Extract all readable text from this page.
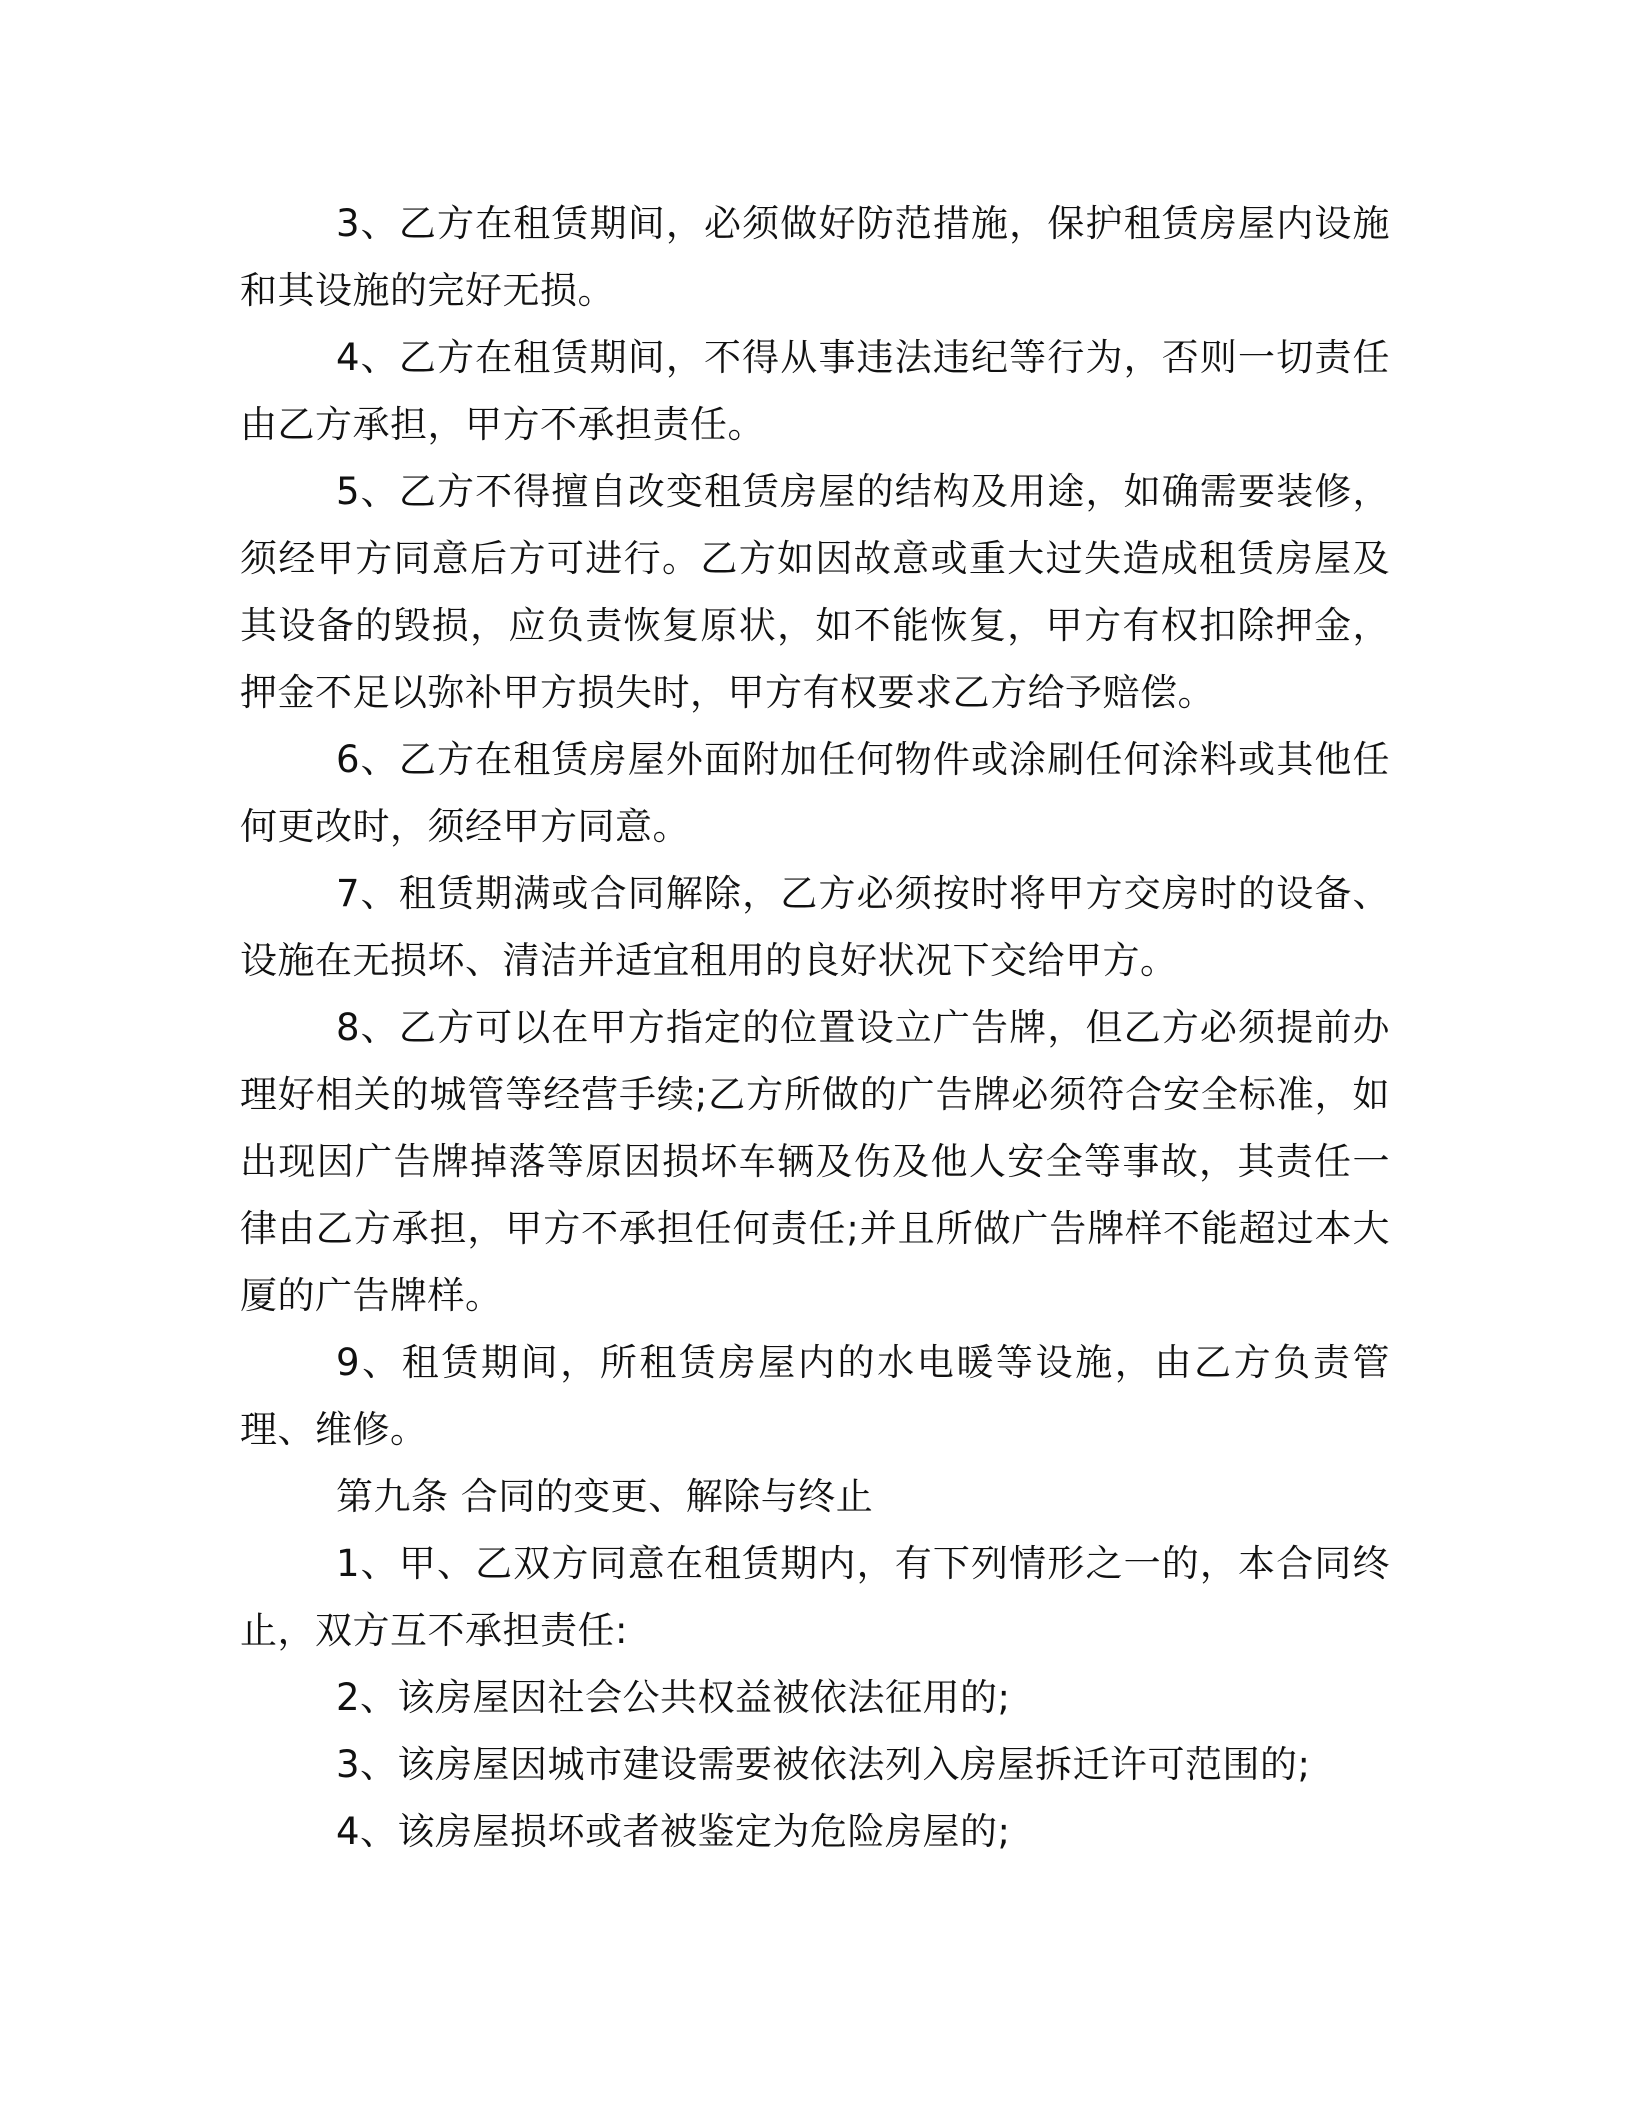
3、乙方在租赁期间，必须做好防范措施，保护租赁房屋内设施和其设施的完好无损。

4、乙方在租赁期间，不得从事违法违纪等行为，否则一切责任由乙方承担，甲方不承担责任。

5、乙方不得擅自改变租赁房屋的结构及用途，如确需要装修，须经甲方同意后方可进行。乙方如因故意或重大过失造成租赁房屋及其设备的毁损，应负责恢复原状，如不能恢复，甲方有权扣除押金，押金不足以弥补甲方损失时，甲方有权要求乙方给予赔偿。

6、乙方在租赁房屋外面附加任何物件或涂刷任何涂料或其他任何更改时，须经甲方同意。

7、租赁期满或合同解除，乙方必须按时将甲方交房时的设备、设施在无损坏、清洁并适宜租用的良好状况下交给甲方。

8、乙方可以在甲方指定的位置设立广告牌，但乙方必须提前办理好相关的城管等经营手续;乙方所做的广告牌必须符合安全标准，如出现因广告牌掉落等原因损坏车辆及伤及他人安全等事故，其责任一律由乙方承担，甲方不承担任何责任;并且所做广告牌样不能超过本大厦的广告牌样。

9、租赁期间，所租赁房屋内的水电暖等设施，由乙方负责管理、维修。

第九条 合同的变更、解除与终止

1、甲、乙双方同意在租赁期内，有下列情形之一的，本合同终止，双方互不承担责任:

2、该房屋因社会公共权益被依法征用的;

3、该房屋因城市建设需要被依法列入房屋拆迁许可范围的;

4、该房屋损坏或者被鉴定为危险房屋的;
